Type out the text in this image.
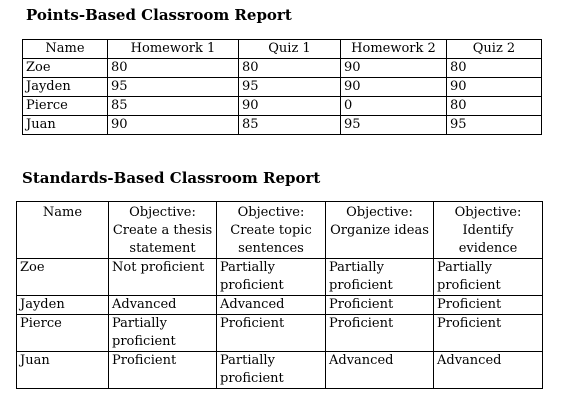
Points-Based Classroom Report
Name	Homework 1	Quiz 1	Homework 2	Quiz 2
Zoe	80	80	90	80
Jayden	95	95	90	90
Pierce	85	90	0	80
Juan	90	85	95	95
Standards-Based Classroom Report
Name	Objective: Create a thesis statement	Objective: Create topic sentences	Objective: Organize ideas	Objective: Identify evidence
Zoe	Not proficient	Partially proficient	Partially proficient	Partially proficient
Jayden	Advanced	Advanced	Proficient	Proficient
Pierce	Partially proficient	Proficient	Proficient	Proficient
Juan	Proficient	Partially proficient	Advanced	Advanced
